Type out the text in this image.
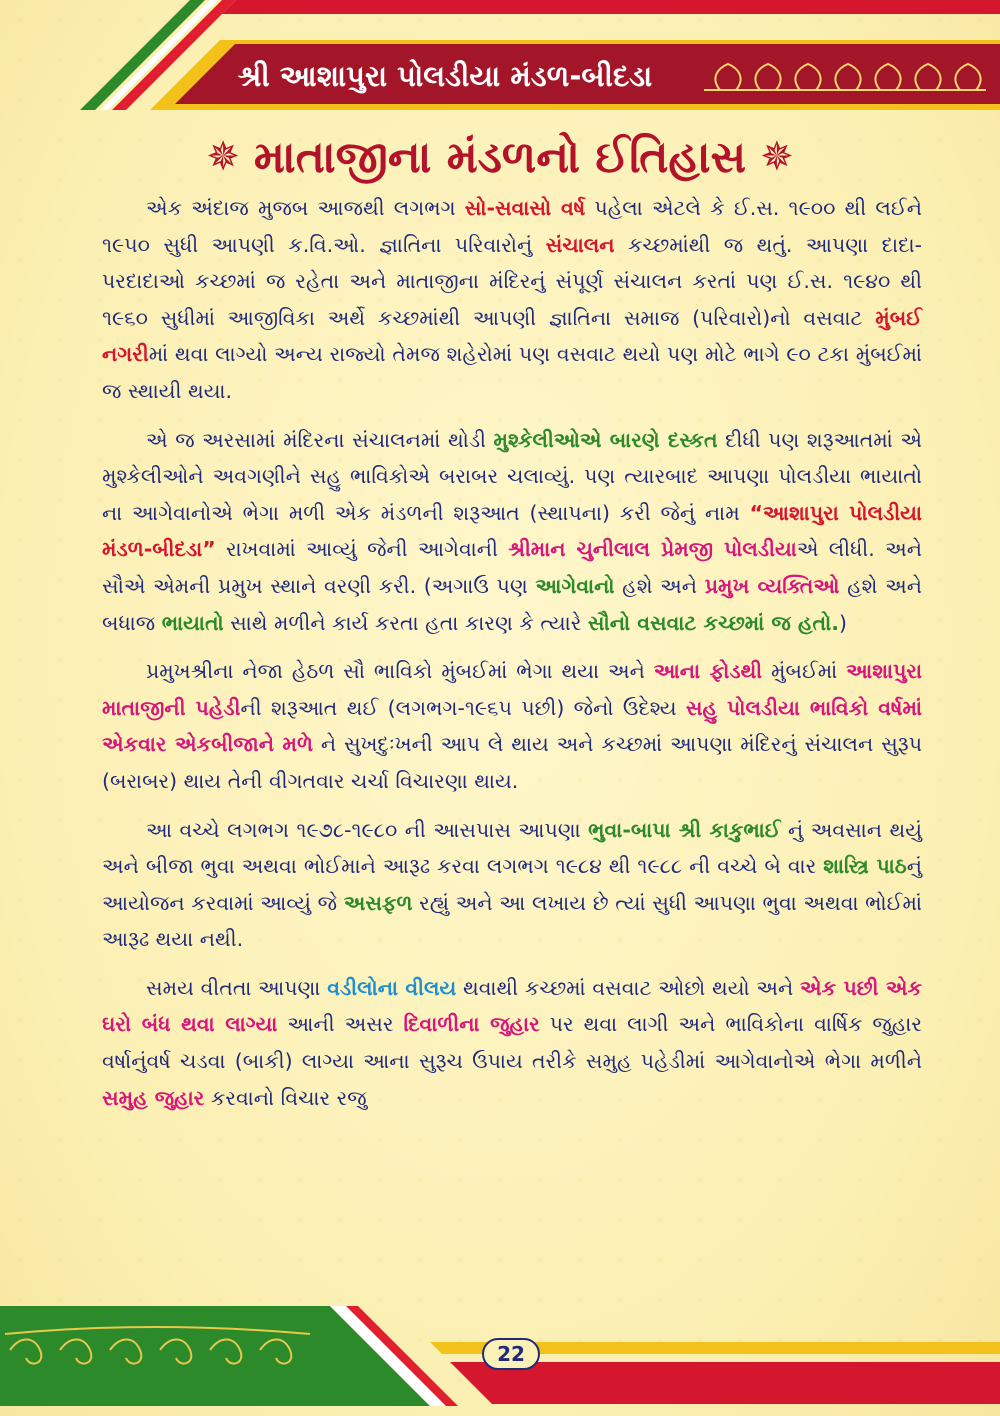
શ્રી આશાપુરા પોલડીયા મંડળ-બીદડા
✵ માતાજીના મંડળનો ઈતિહાસ ✵

એક અંદાજ મુજબ આજથી લગભગ સો-સવાસો વર્ષ પહેલા એટલે કે ઈ.સ. ૧૯૦૦ થી લઈને ૧૯૫૦ સુધી આપણી ક.વિ.ઓ. જ્ઞાતિના પરિવારોનું સંચાલન કચ્છમાંથી જ થતું. આપણા દાદા-પરદાદાઓ કચ્છમાં જ રહેતા અને માતાજીના મંદિરનું સંપૂર્ણ સંચાલન કરતાં પણ ઈ.સ. ૧૯૪૦ થી ૧૯૬૦ સુધીમાં આજીવિકા અર્થે કચ્છમાંથી આપણી જ્ઞાતિના સમાજ (પરિવારો)નો વસવાટ મુંબઈ નગરીમાં થવા લાગ્યો અન્ય રાજ્યો તેમજ શહેરોમાં પણ વસવાટ થયો પણ મોટે ભાગે ૯૦ ટકા મુંબઈમાં જ સ્થાયી થયા.

એ જ અરસામાં મંદિરના સંચાલનમાં થોડી મુશ્કેલીઓએ બારણે દસ્કત દીધી પણ શરૂઆતમાં એ મુશ્કેલીઓને અવગણીને સહુ ભાવિકોએ બરાબર ચલાવ્યું. પણ ત્યારબાદ આપણા પોલડીયા ભાયાતો ના આગેવાનોએ ભેગા મળી એક મંડળની શરૂઆત (સ્થાપના) કરી જેનું નામ “આશાપુરા પોલડીયા મંડળ-બીદડા” રાખવામાં આવ્યું જેની આગેવાની શ્રીમાન ચુનીલાલ પ્રેમજી પોલડીયાએ લીધી. અને સૌએ એમની પ્રમુખ સ્થાને વરણી કરી. (અગાઉ પણ આગેવાનો હશે અને પ્રમુખ વ્યક્તિઓ હશે અને બધાજ ભાયાતો સાથે મળીને કાર્ય કરતા હતા કારણ કે ત્યારે સૌનો વસવાટ કચ્છમાં જ હતો.)

પ્રમુખશ્રીના નેજા હેઠળ સૌ ભાવિકો મુંબઈમાં ભેગા થયા અને આના ફોડથી મુંબઈમાં આશાપુરા માતાજીની પહેડીની શરૂઆત થઈ (લગભગ-૧૯૬૫ પછી) જેનો ઉદેશ્ય સહુ પોલડીયા ભાવિકો વર્ષમાં એકવાર એકબીજાને મળે ને સુખદુઃખની આપ લે થાય અને કચ્છમાં આપણા મંદિરનું સંચાલન સુરૂપ (બરાબર) થાય તેની વીગતવાર ચર્ચા વિચારણા થાય.

આ વચ્ચે લગભગ ૧૯૭૮-૧૯૮૦ ની આસપાસ આપણા ભુવા-બાપા શ્રી કાકુભાઈ નું અવસાન થયું અને બીજા ભુવા અથવા ભોઈમાને આરૂઢ કરવા લગભગ ૧૯૮૪ થી ૧૯૮૮ ની વચ્ચે બે વાર શાસ્ત્રિ પાઠનું આયોજન કરવામાં આવ્યું જે અસફળ રહ્યું અને આ લખાય છે ત્યાં સુધી આપણા ભુવા અથવા ભોઈમાં આરૂઢ થયા નથી.

સમય વીતતા આપણા વડીલોના વીલય થવાથી કચ્છમાં વસવાટ ઓછો થયો અને એક પછી એક ઘરો બંધ થવા લાગ્યા આની અસર દિવાળીના જુહાર પર થવા લાગી અને ભાવિકોના વાર્ષિક જુહાર વર્ષાનુંવર્ષ ચડવા (બાકી) લાગ્યા આના સુરૂચ ઉપાય તરીકે સમુહ પહેડીમાં આગેવાનોએ ભેગા મળીને સમુહ જુહાર કરવાનો વિચાર રજુ

22
